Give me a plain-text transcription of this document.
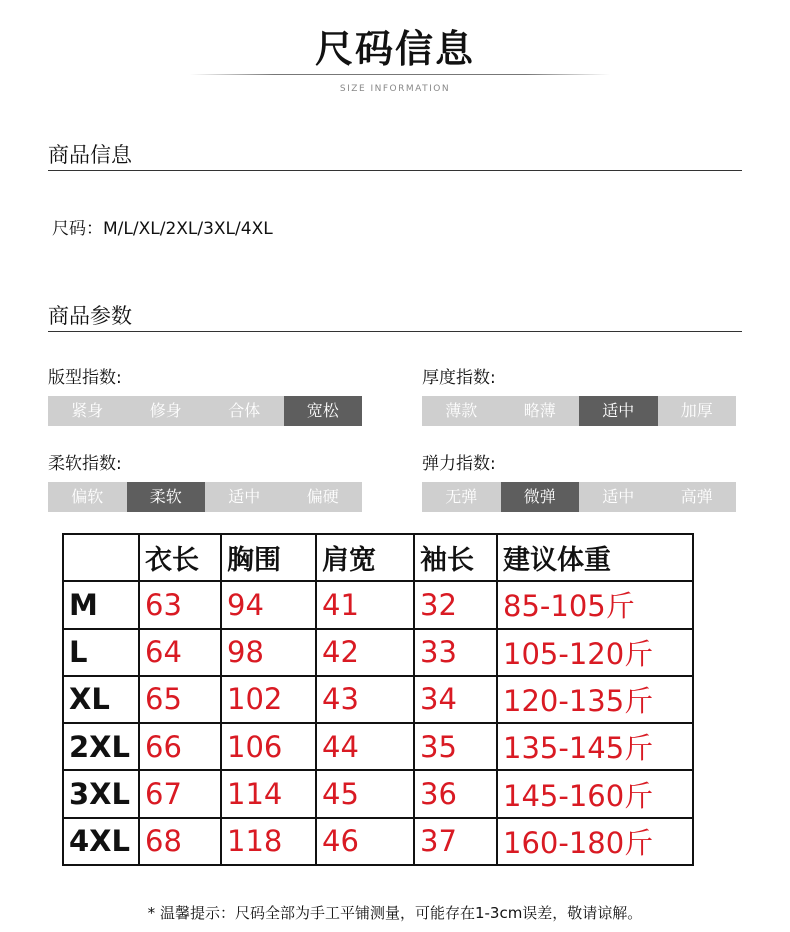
尺码信息
SIZE INFORMATION
商品信息
尺码：M/L/XL/2XL/3XL/4XL
商品参数
版型指数:
紧身	修身	合体	宽松
厚度指数:
薄款	略薄	适中	加厚
柔软指数:
偏软	柔软	适中	偏硬
弹力指数:
无弹	微弹	适中	高弹
	衣长	胸围	肩宽	袖长	建议体重
M	63	94	41	32	85-105斤
L	64	98	42	33	105-120斤
XL	65	102	43	34	120-135斤
2XL	66	106	44	35	135-145斤
3XL	67	114	45	36	145-160斤
4XL	68	118	46	37	160-180斤
* 温馨提示：尺码全部为手工平铺测量，可能存在1-3cm误差，敬请谅解。
